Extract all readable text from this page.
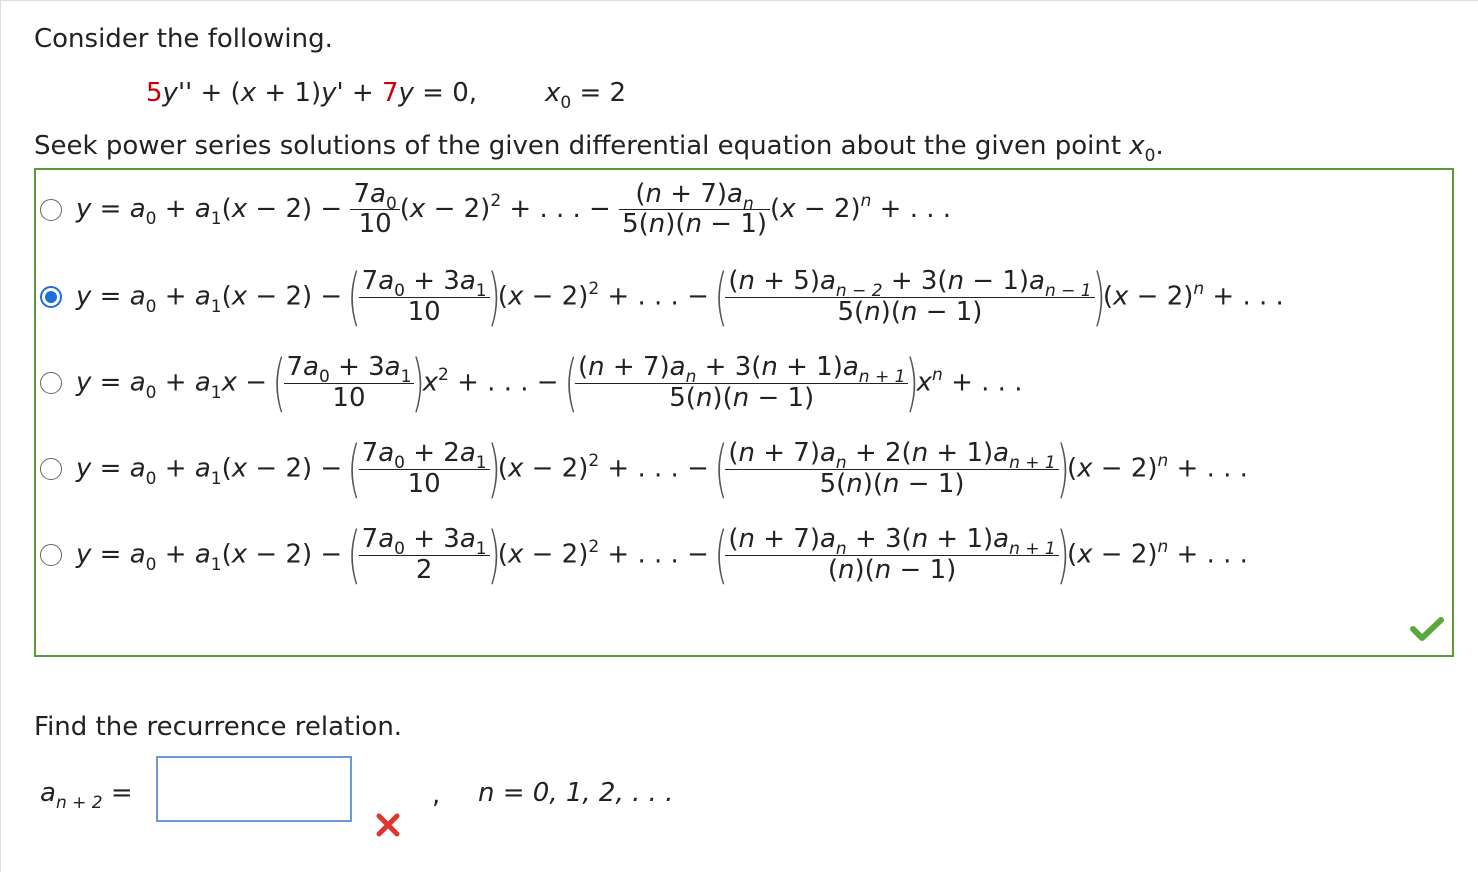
Consider the following.
5y'' + (x + 1)y' + 7y = 0,	$x_0 = 2$
Seek power series solutions of the given differential equation about the given point $x_0$.
$y = a_0 + a_1(x - 2) - \frac{7a_0}{10} (x - 2)^2$ + . . . − $\frac{(n + 7)a_n}{5(n)(n - 1)} (x - 2)^n$ + . . .
$y = a_0 + a_1(x - 2)$ − (
$\frac{7a_0 + 3a_1}{10}$
)$(x - 2)^2$ + . . . − (
$\frac{(n + 5)a_{n - 2} + 3(n - 1)a_{n - 1}}{5(n)(n - 1)}$
)$(x - 2)^n$ + . . .
$y = a_0 + a_1x$ − (
$\frac{7a_0 + 3a_1}{10}$
)$x^2$ + . . . − (
$\frac{(n + 7)a_n + 3(n + 1)a_{n + 1}}{5(n)(n - 1)}$
)$x^n$ + . . .
$y = a_0 + a_1(x - 2)$ − (
$\frac{7a_0 + 2a_1}{10}$
)$(x - 2)^2$ + . . . − (
$\frac{(n + 7)a_n + 2(n + 1)a_{n + 1}}{5(n)(n - 1)}$
)$(x - 2)^n$ + . . .
$y = a_0 + a_1(x - 2)$ − (
$\frac{7a_0 + 3a_1}{2}$
)$(x - 2)^2$ + . . . − (
$\frac{(n + 7)a_n + 3(n + 1)a_{n + 1}}{(n)(n - 1)}$
)$(x - 2)^n$ + . . .
Find the recurrence relation.
$a_{n + 2}$ =	, n = 0, 1, 2, . . .
